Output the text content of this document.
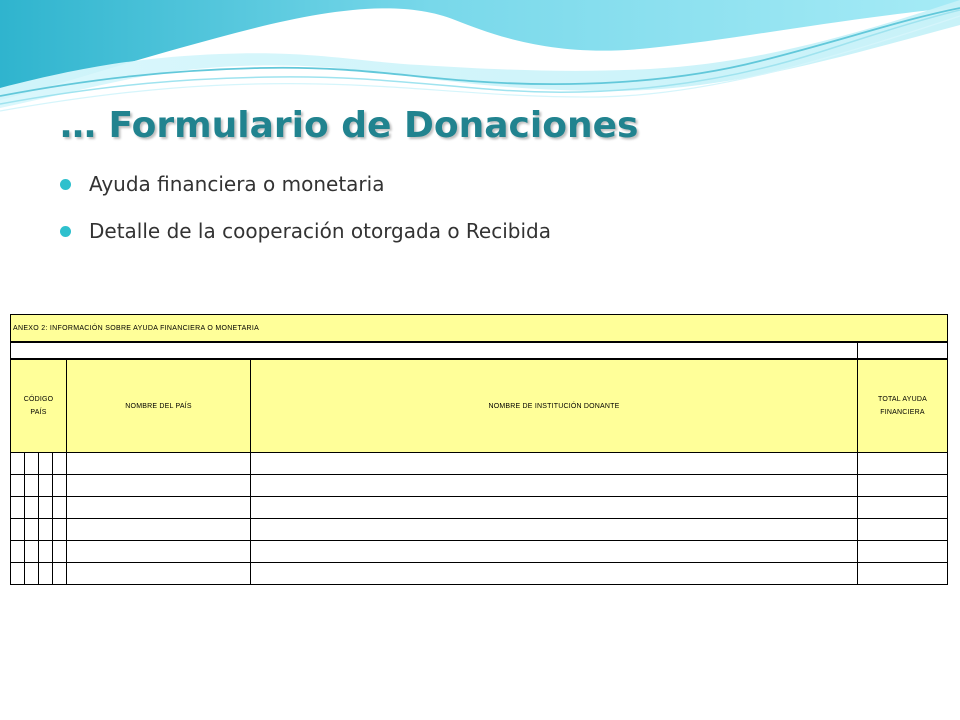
… Formulario de Donaciones
Ayuda financiera o monetaria
Detalle de la cooperación otorgada o Recibida
ANEXO 2: INFORMACIÓN SOBRE AYUDA FINANCIERA O MONETARIA			

CÓDIGO
PAÍS	NOMBRE DEL PAÍS	NOMBRE DE INSTITUCIÓN DONANTE	TOTAL AYUDA
FINANCIERA
